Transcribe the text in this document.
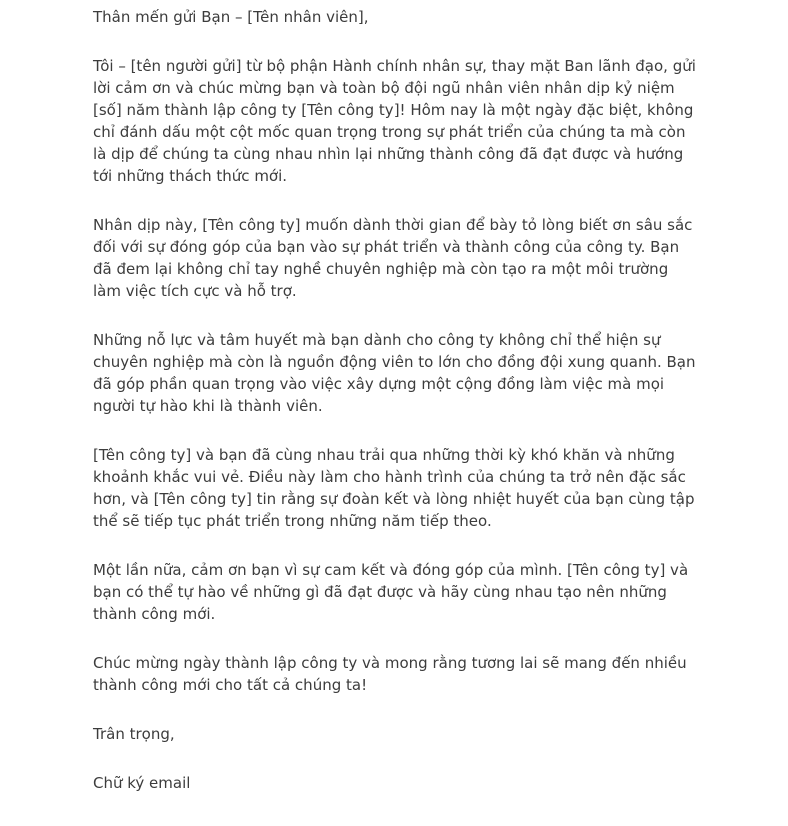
Thân mến gửi Bạn – [Tên nhân viên],

Tôi – [tên người gửi] từ bộ phận Hành chính nhân sự, thay mặt Ban lãnh đạo, gửi lời cảm ơn và chúc mừng bạn và toàn bộ đội ngũ nhân viên nhân dịp kỷ niệm [số] năm thành lập công ty [Tên công ty]! Hôm nay là một ngày đặc biệt, không chỉ đánh dấu một cột mốc quan trọng trong sự phát triển của chúng ta mà còn là dịp để chúng ta cùng nhau nhìn lại những thành công đã đạt được và hướng tới những thách thức mới.

Nhân dịp này, [Tên công ty] muốn dành thời gian để bày tỏ lòng biết ơn sâu sắc đối với sự đóng góp của bạn vào sự phát triển và thành công của công ty. Bạn đã đem lại không chỉ tay nghề chuyên nghiệp mà còn tạo ra một môi trường làm việc tích cực và hỗ trợ.

Những nỗ lực và tâm huyết mà bạn dành cho công ty không chỉ thể hiện sự chuyên nghiệp mà còn là nguồn động viên to lớn cho đồng đội xung quanh. Bạn đã góp phần quan trọng vào việc xây dựng một cộng đồng làm việc mà mọi người tự hào khi là thành viên.

[Tên công ty] và bạn đã cùng nhau trải qua những thời kỳ khó khăn và những khoảnh khắc vui vẻ. Điều này làm cho hành trình của chúng ta trở nên đặc sắc hơn, và [Tên công ty] tin rằng sự đoàn kết và lòng nhiệt huyết của bạn cùng tập thể sẽ tiếp tục phát triển trong những năm tiếp theo.

Một lần nữa, cảm ơn bạn vì sự cam kết và đóng góp của mình. [Tên công ty] và bạn có thể tự hào về những gì đã đạt được và hãy cùng nhau tạo nên những thành công mới.

Chúc mừng ngày thành lập công ty và mong rằng tương lai sẽ mang đến nhiều thành công mới cho tất cả chúng ta!

Trân trọng,

Chữ ký email
